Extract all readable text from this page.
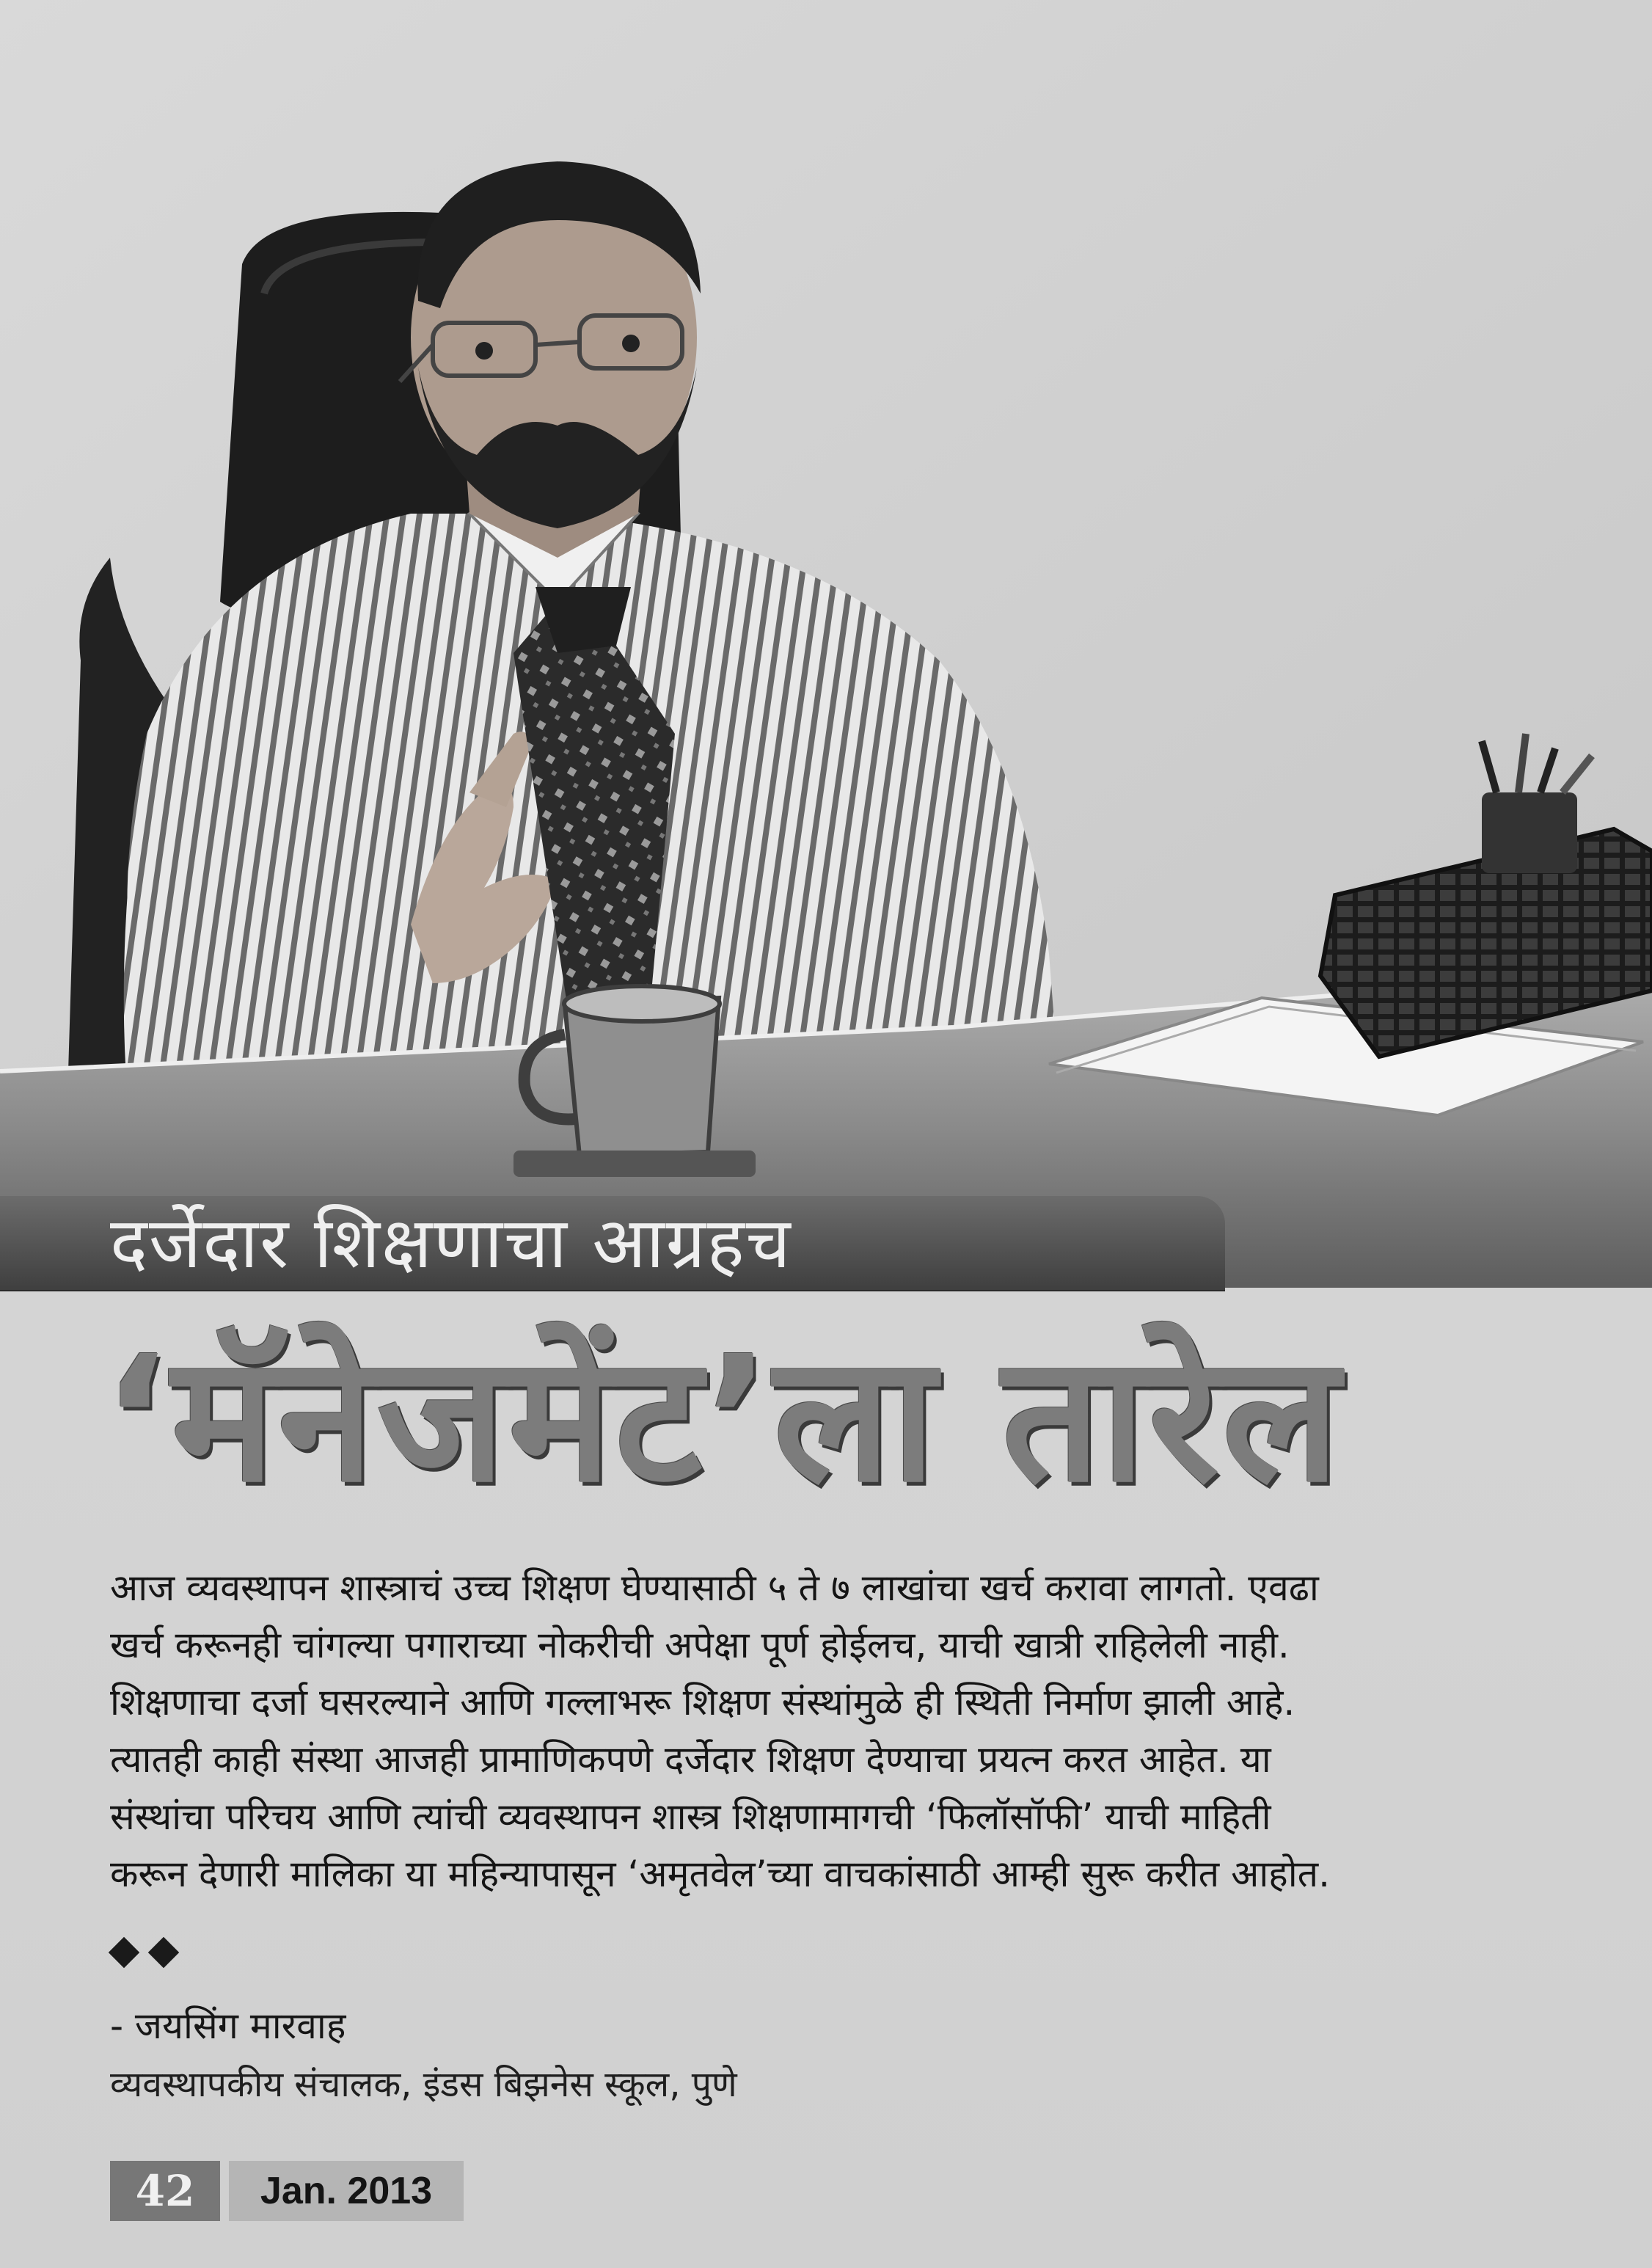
दर्जेदार शिक्षणाचा आग्रहच
‘मॅनेजमेंट’ला तारेल

आज व्यवस्थापन शास्त्राचं उच्च शिक्षण घेण्यासाठी ५ ते ७ लाखांचा खर्च करावा लागतो. एवढा

खर्च करूनही चांगल्या पगाराच्या नोकरीची अपेक्षा पूर्ण होईलच, याची खात्री राहिलेली नाही.

शिक्षणाचा दर्जा घसरल्याने आणि गल्लाभरू शिक्षण संस्थांमुळे ही स्थिती निर्माण झाली आहे.

त्यातही काही संस्था आजही प्रामाणिकपणे दर्जेदार शिक्षण देण्याचा प्रयत्न करत आहेत. या

संस्थांचा परिचय आणि त्यांची व्यवस्थापन शास्त्र शिक्षणामागची ‘फिलॉसॉफी’ याची माहिती

करून देणारी मालिका या महिन्यापासून ‘अमृतवेल’च्या वाचकांसाठी आम्ही सुरू करीत आहोत.

- जयसिंग मारवाह
व्यवस्थापकीय संचालक, इंडस बिझनेस स्कूल, पुणे
42	Jan. 2013
